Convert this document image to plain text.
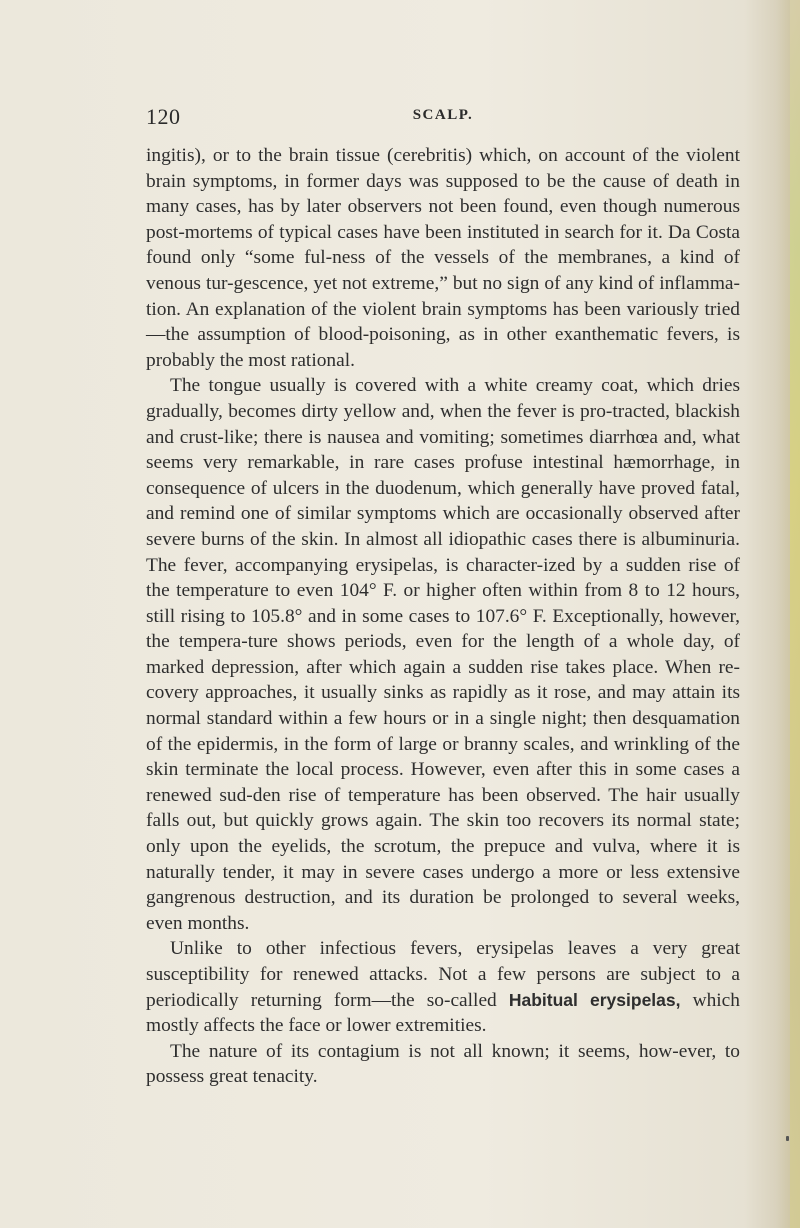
120	SCALP.

ingitis), or to the brain tissue (cerebritis) which, on account of the violent brain symptoms, in former days was supposed to be the cause of death in many cases, has by later observers not been found, even though numerous post-mortems of typical cases have been instituted in search for it. Da Costa found only “some ful-ness of the vessels of the membranes, a kind of venous tur-gescence, yet not extreme,” but no sign of any kind of inflamma-tion. An explanation of the violent brain symptoms has been variously tried—the assumption of blood-poisoning, as in other exanthematic fevers, is probably the most rational.

The tongue usually is covered with a white creamy coat, which dries gradually, becomes dirty yellow and, when the fever is pro-tracted, blackish and crust-like; there is nausea and vomiting; sometimes diarrhœa and, what seems very remarkable, in rare cases profuse intestinal hæmorrhage, in consequence of ulcers in the duodenum, which generally have proved fatal, and remind one of similar symptoms which are occasionally observed after severe burns of the skin. In almost all idiopathic cases there is albuminuria. The fever, accompanying erysipelas, is character-ized by a sudden rise of the temperature to even 104° F. or higher often within from 8 to 12 hours, still rising to 105.8° and in some cases to 107.6° F. Exceptionally, however, the tempera-ture shows periods, even for the length of a whole day, of marked depression, after which again a sudden rise takes place. When re-covery approaches, it usually sinks as rapidly as it rose, and may attain its normal standard within a few hours or in a single night; then desquamation of the epidermis, in the form of large or branny scales, and wrinkling of the skin terminate the local process. However, even after this in some cases a renewed sud-den rise of temperature has been observed. The hair usually falls out, but quickly grows again. The skin too recovers its normal state; only upon the eyelids, the scrotum, the prepuce and vulva, where it is naturally tender, it may in severe cases undergo a more or less extensive gangrenous destruction, and its duration be prolonged to several weeks, even months.

Unlike to other infectious fevers, erysipelas leaves a very great susceptibility for renewed attacks. Not a few persons are subject to a periodically returning form—the so-called Habitual erysipelas, which mostly affects the face or lower extremities.

The nature of its contagium is not all known; it seems, how-ever, to possess great tenacity.
